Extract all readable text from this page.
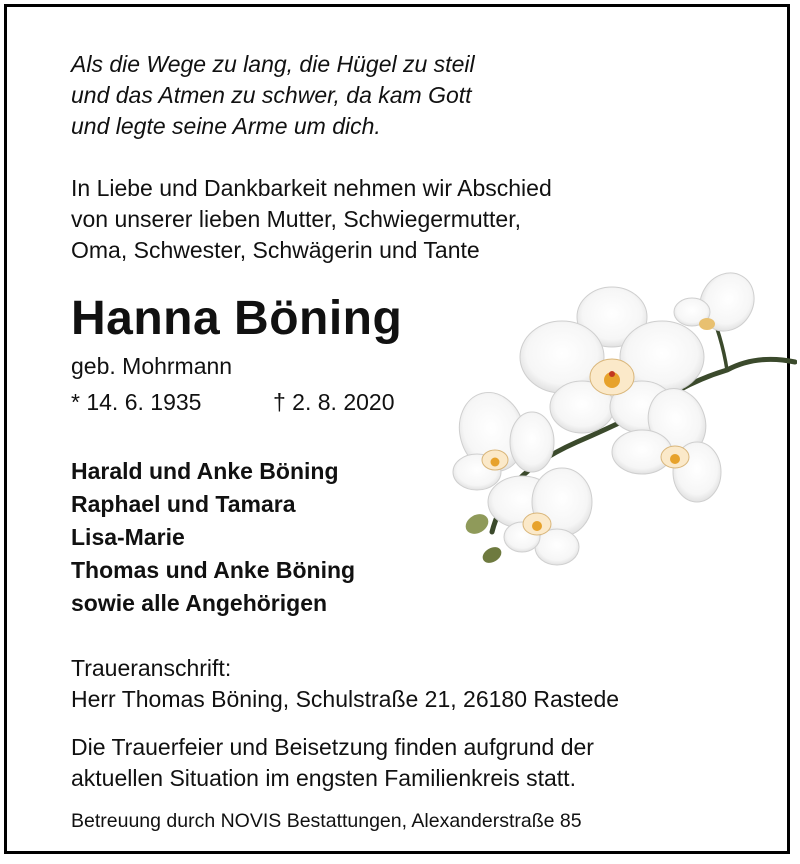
Als die Wege zu lang, die Hügel zu steil
und das Atmen zu schwer, da kam Gott
und legte seine Arme um dich.
In Liebe und Dankbarkeit nehmen wir Abschied
von unserer lieben Mutter, Schwiegermutter,
Oma, Schwester, Schwägerin und Tante
Hanna Böning
geb. Mohrmann
* 14. 6. 1935	† 2. 8. 2020
Harald und Anke Böning
Raphael und Tamara
Lisa-Marie
Thomas und Anke Böning
sowie alle Angehörigen
Traueranschrift:
Herr Thomas Böning, Schulstraße 21, 26180 Rastede
Die Trauerfeier und Beisetzung finden aufgrund der
aktuellen Situation im engsten Familienkreis statt.
Betreuung durch NOVIS Bestattungen, Alexanderstraße 85
